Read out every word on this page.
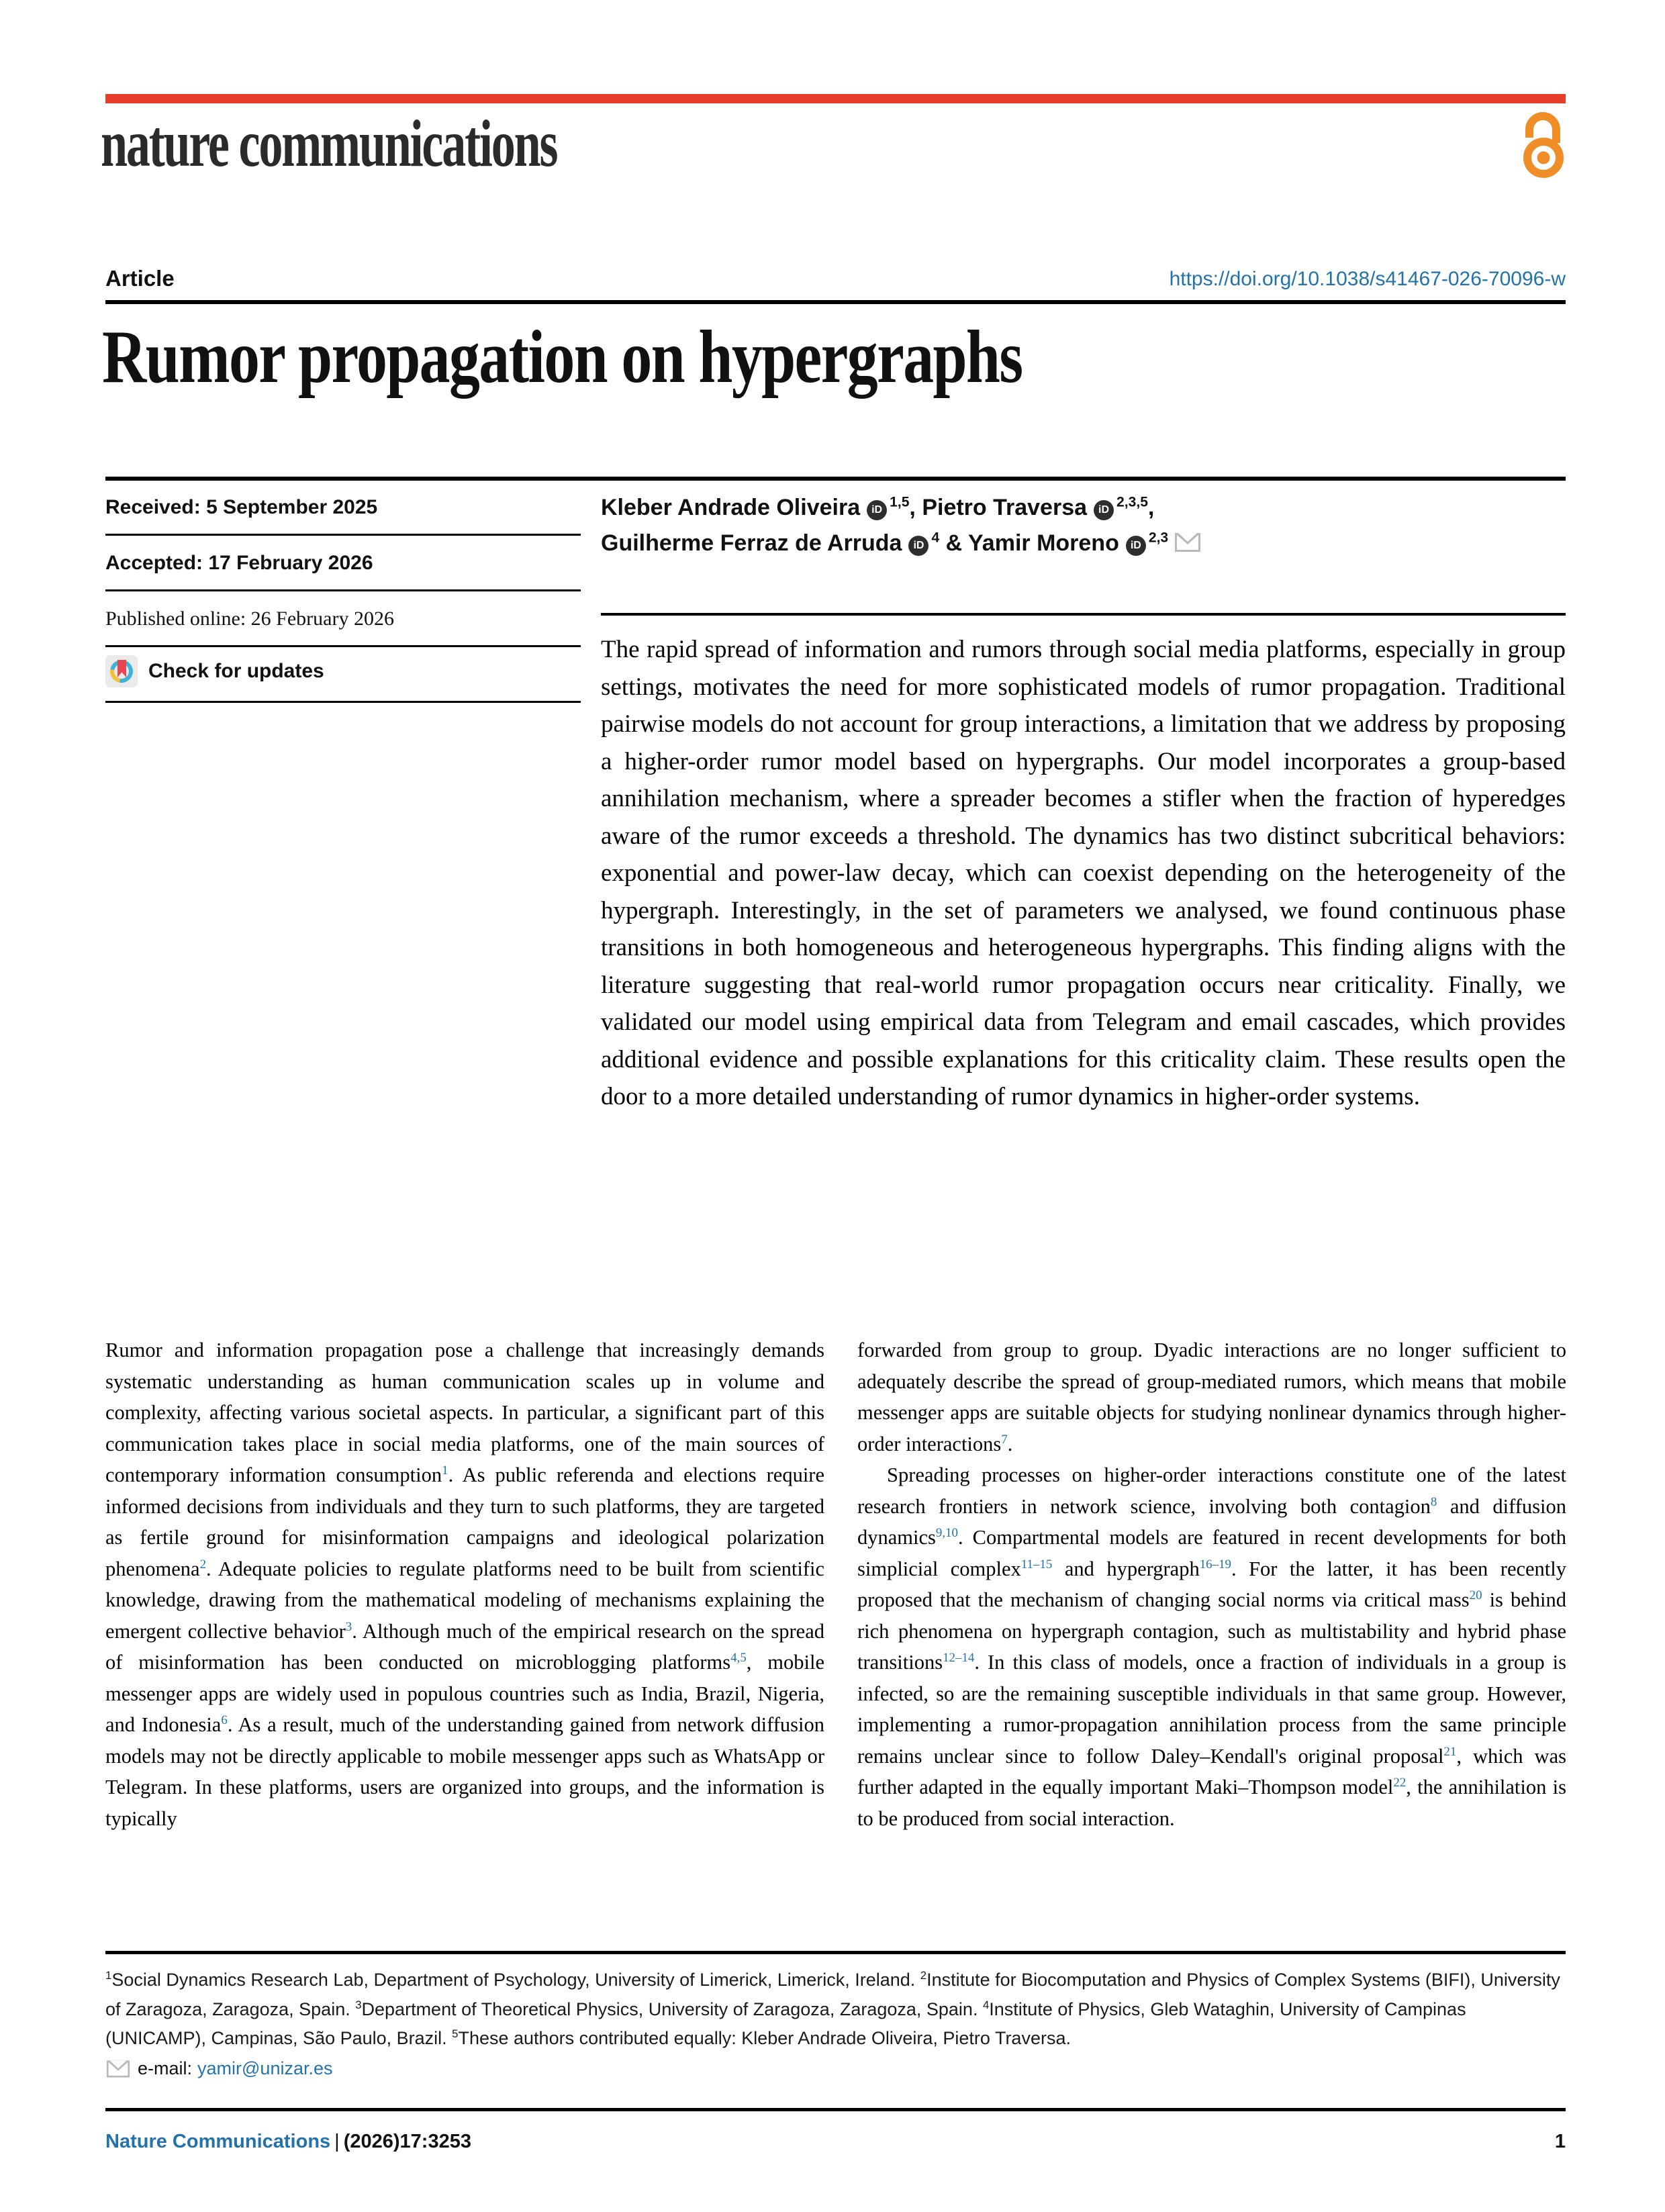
nature communications
Article	https://doi.org/10.1038/s41467-026-70096-w
Rumor propagation on hypergraphs
Received: 5 September 2025
Accepted: 17 February 2026
Published online: 26 February 2026
Check for updates
Kleber Andrade Oliveira iD $^{1,5}$, Pietro Traversa iD $^{2,3,5}$,
Guilherme Ferraz de Arruda iD $^4$ & Yamir Moreno iD $^{2,3}$
The rapid spread of information and rumors through social media platforms, especially in group settings, motivates the need for more sophisticated models of rumor propagation. Traditional pairwise models do not account for group interactions, a limitation that we address by proposing a higher-order rumor model based on hypergraphs. Our model incorporates a group-based annihilation mechanism, where a spreader becomes a stifler when the fraction of hyperedges aware of the rumor exceeds a threshold. The dynamics has two distinct subcritical behaviors: exponential and power-law decay, which can coexist depending on the heterogeneity of the hypergraph. Interestingly, in the set of parameters we analysed, we found continuous phase transitions in both homogeneous and heterogeneous hypergraphs. This finding aligns with the literature suggesting that real-world rumor propagation occurs near criticality. Finally, we validated our model using empirical data from Telegram and email cascades, which provides additional evidence and possible explanations for this criticality claim. These results open the door to a more detailed understanding of rumor dynamics in higher-order systems.

Rumor and information propagation pose a challenge that increasingly demands systematic understanding as human communication scales up in volume and complexity, affecting various societal aspects. In particular, a significant part of this communication takes place in social media platforms, one of the main sources of contemporary information consumption$^1$. As public referenda and elections require informed decisions from individuals and they turn to such platforms, they are targeted as fertile ground for misinformation campaigns and ideological polarization phenomena$^2$. Adequate policies to regulate platforms need to be built from scientific knowledge, drawing from the mathematical modeling of mechanisms explaining the emergent collective behavior$^3$. Although much of the empirical research on the spread of misinformation has been conducted on microblogging platforms$^{4,5}$, mobile messenger apps are widely used in populous countries such as India, Brazil, Nigeria, and Indonesia$^6$. As a result, much of the understanding gained from network diffusion models may not be directly applicable to mobile messenger apps such as WhatsApp or Telegram. In these platforms, users are organized into groups, and the information is typically

forwarded from group to group. Dyadic interactions are no longer sufficient to adequately describe the spread of group-mediated rumors, which means that mobile messenger apps are suitable objects for studying nonlinear dynamics through higher-order interactions$^7$.

Spreading processes on higher-order interactions constitute one of the latest research frontiers in network science, involving both contagion$^8$ and diffusion dynamics$^{9,10}$. Compartmental models are featured in recent developments for both simplicial complex$^{11-15}$ and hypergraph$^{16-19}$. For the latter, it has been recently proposed that the mechanism of changing social norms via critical mass$^{20}$ is behind rich phenomena on hypergraph contagion, such as multistability and hybrid phase transitions$^{12-14}$. In this class of models, once a fraction of individuals in a group is infected, so are the remaining susceptible individuals in that same group. However, implementing a rumor-propagation annihilation process from the same principle remains unclear since to follow Daley–Kendall's original proposal$^{21}$, which was further adapted in the equally important Maki–Thompson model$^{22}$, the annihilation is to be produced from social interaction.

$^1$Social Dynamics Research Lab, Department of Psychology, University of Limerick, Limerick, Ireland. $^2$Institute for Biocomputation and Physics of Complex Systems (BIFI), University of Zaragoza, Zaragoza, Spain. $^3$Department of Theoretical Physics, University of Zaragoza, Zaragoza, Spain. $^4$Institute of Physics, Gleb Wataghin, University of Campinas (UNICAMP), Campinas, São Paulo, Brazil. $^5$These authors contributed equally: Kleber Andrade Oliveira, Pietro Traversa.
e-mail: yamir@unizar.es
Nature Communications | (2026)17:3253	1
